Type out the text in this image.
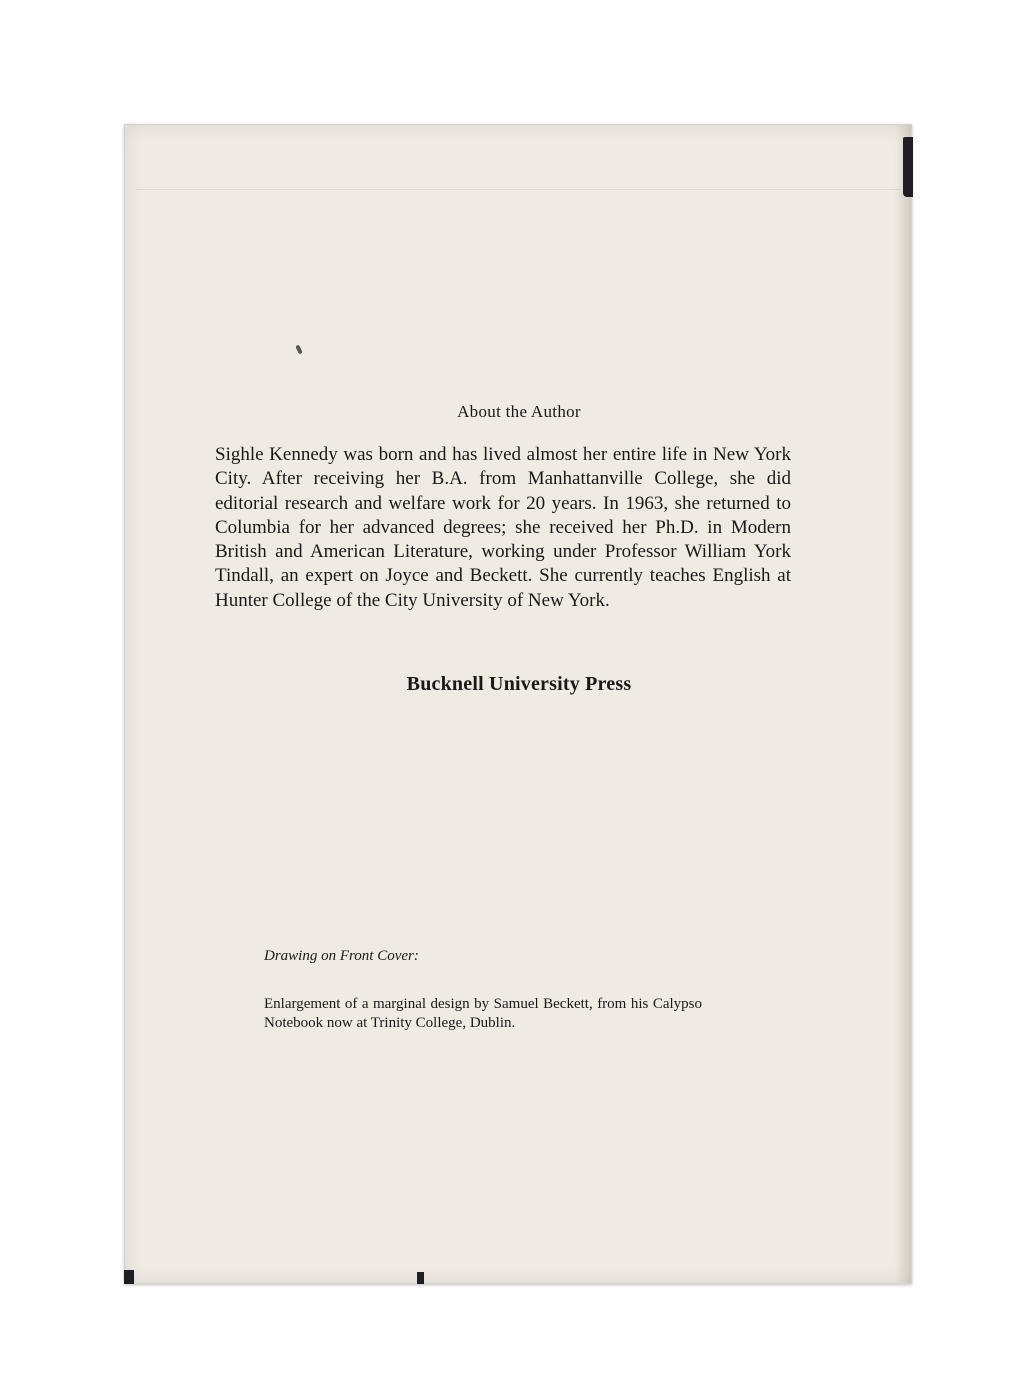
About the Author

Sighle Kennedy was born and has lived almost her entire life in New York City. After receiving her B.A. from Manhattanville College, she did editorial research and welfare work for 20 years. In 1963, she returned to Columbia for her advanced degrees; she received her Ph.D. in Modern British and American Literature, working under Professor William York Tindall, an expert on Joyce and Beckett. She currently teaches English at Hunter College of the City University of New York.

Bucknell University Press
Drawing on Front Cover:

Enlargement of a marginal design by Samuel Beckett, from his Calypso Notebook now at Trinity College, Dublin.
